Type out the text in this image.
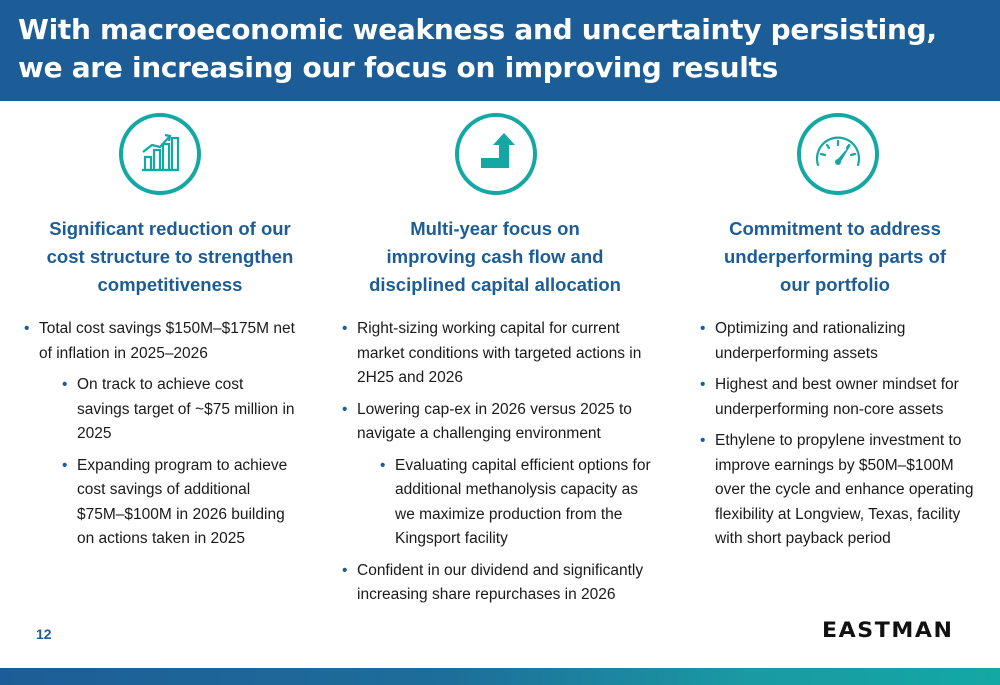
With macroeconomic weakness and uncertainty persisting, we are increasing our focus on improving results
Significant reduction of our
cost structure to strengthen
competitiveness
• Total cost savings $150M–$175M net of inflation in 2025–2026
• On track to achieve cost savings target of ~$75 million in 2025
• Expanding program to achieve cost savings of additional $75M–$100M in 2026 building on actions taken in 2025
Multi-year focus on
improving cash flow and
disciplined capital allocation
• Right-sizing working capital for current market conditions with targeted actions in 2H25 and 2026
• Lowering cap-ex in 2026 versus 2025 to navigate a challenging environment
• Evaluating capital efficient options for additional methanolysis capacity as we maximize production from the Kingsport facility
• Confident in our dividend and significantly increasing share repurchases in 2026
Commitment to address
underperforming parts of
our portfolio
• Optimizing and rationalizing underperforming assets
• Highest and best owner mindset for underperforming non-core assets
• Ethylene to propylene investment to improve earnings by $50M–$100M over the cycle and enhance operating flexibility at Longview, Texas, facility with short payback period
12	EASTMAN
